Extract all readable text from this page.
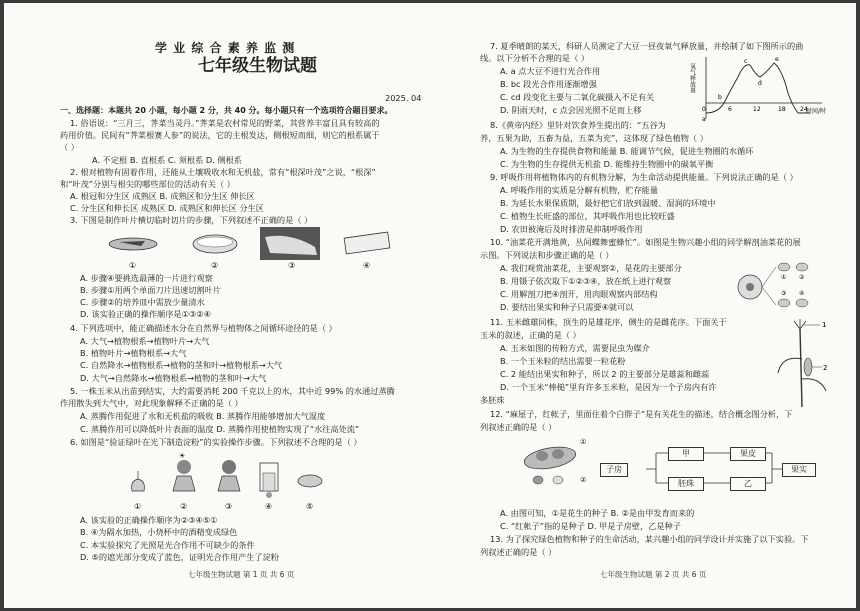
学 业 综 合 素 养 监 测
七年级生物试题
2025. 04
一、选择题：本题共 20 小题，每小题 2 分，共 40 分。每小题只有一个选项符合题目要求。
1. 俗语说：“三月三，荠菜当灵丹。”荠菜是农村常见的野菜，其营养丰富且具有较高的
药用价值。民间有“荠菜根赛人参”的说法，它的主根发达，侧根短而细，则它的根系属于
（ ）
A. 不定根 B. 直根系 C. 须根系 D. 侧根系
2. 根对植物有固着作用，还能从土壤吸收水和无机盐，常有“根深叶茂”之说，“根深”
和“叶茂”分别与根尖的哪些部位的活动有关（ ）
A. 根冠和分生区 成熟区 B. 成熟区和分生区 伸长区
C. 分生区和伸长区 成熟区 D. 成熟区和伸长区 分生区
3. 下图是制作叶片横切临时切片的步骤，下列叙述不正确的是（ ）
①	②	③	④
A. 步骤④要挑选最薄的一片进行观察
B. 步骤①用两个单面刀片迅速切割叶片
C. 步骤②的培养皿中需放少量清水
D. 该实验正确的操作顺序是①③②④
4. 下列选项中，能正确描述水分在自然界与植物体之间循环途径的是（ ）
A. 大气→植物根系→植物叶片→大气
B. 植物叶片→植物根系→大气
C. 自然降水→植物根系→植物的茎和叶→植物根系→大气
D. 大气→自然降水→植物根系→植物的茎和叶→大气
5. 一株玉米从出苗到结实，大约需要消耗 200 千克以上的水，其中近 99% 的水通过蒸腾
作用散失到大气中，对此现象解释不正确的是（ ）
A. 蒸腾作用促进了水和无机盐的吸收 B. 蒸腾作用能够增加大气湿度
C. 蒸腾作用可以降低叶片表面的温度 D. 蒸腾作用使植物实现了“水往高处流”
6. 如图是“验证绿叶在光下制造淀粉”的实验操作步骤。下列叙述不合理的是（ ）
☀
①	②	③	④	⑤
A. 该实验的正确操作顺序为②③④⑤①
B. ④为隔水加热，小烧杯中的酒精变成绿色
C. 本实验探究了光照是光合作用不可缺少的条件
D. ⑤的遮光部分变成了蓝色，证明光合作用产生了淀粉
七年级生物试题 第 1 页 共 6 页
7. 夏季晴朗的某天，科研人员测定了大豆一昼夜氧气释放量，并绘制了如下图所示的曲
线。以下分析不合理的是（ ）
A. a 点大豆不进行光合作用
B. bc 段光合作用逐渐增强
C. cd 段变化主要与二氧化碳摄入不足有关
D. 阴雨天时，c 点会因光照不足而上移
氧气释放量
时间/时
0	6	12	18 24
a
b
c
d
e
8.《黄帝内经》里针对饮食养生提出的：“五谷为
养，五果为助，五畜为益，五菜为充”，这体现了绿色植物（ ）
A. 为生物的生存提供食物和能量 B. 能调节气候，促进生物圈的水循环
C. 为生物的生存提供无机盐 D. 能维持生物圈中的碳氧平衡
9. 呼吸作用将植物体内的有机物分解，为生命活动提供能量。下列说法正确的是（ ）
A. 呼吸作用的实质是分解有机物，贮存能量
B. 为延长水果保质期，最好把它们放到温暖、湿润的环境中
C. 植物生长旺盛的部位，其呼吸作用也比较旺盛
D. 农田被淹后及时排涝是抑制呼吸作用
10. “油菜花开满地黄，丛间蝶舞蜜蜂忙”。如图是生物兴趣小组的同学解剖油菜花的展
示图。下列说法和步骤正确的是（ ）
A. 我们观赏油菜花，主要观察②，是花的主要部分
B. 用镊子依次取下①②③④，放在纸上进行观察
C. 用解剖刀把④剖开，用肉眼观察内部结构
D. 要结出果实和种子只需要④就可以
① ②
③ ④
11. 玉米雌雄同株，顶生的是雄花序，侧生的是雌花序。下面关于
玉米的叙述，正确的是（ ）
A. 玉米如图的传粉方式，需要昆虫为媒介
B. 一个玉米粒的结出需要一粒花粉
C. 2 能结出果实和种子，所以 2 的主要部分是雄蕊和雌蕊
D. 一个玉米“棒槌”里有许多玉米粒，是因为一个子房内有许
多胚珠
1
2
12. “麻屋子，红帐子，里面住着个白胖子”是有关花生的描述，结合概念图分析，下
列叙述正确的是（ ）
①
②
子房
甲	果皮
胚珠	乙
果实
A. 由图可知，①是花生的种子 B. ②是由甲发育而来的
C. “红帐子”指的是种子 D. 甲是子房壁，乙是种子
13. 为了探究绿色植物和种子的生命活动，某兴趣小组的同学设计并实施了以下实验。下
列叙述正确的是（ ）
七年级生物试题 第 2 页 共 6 页
